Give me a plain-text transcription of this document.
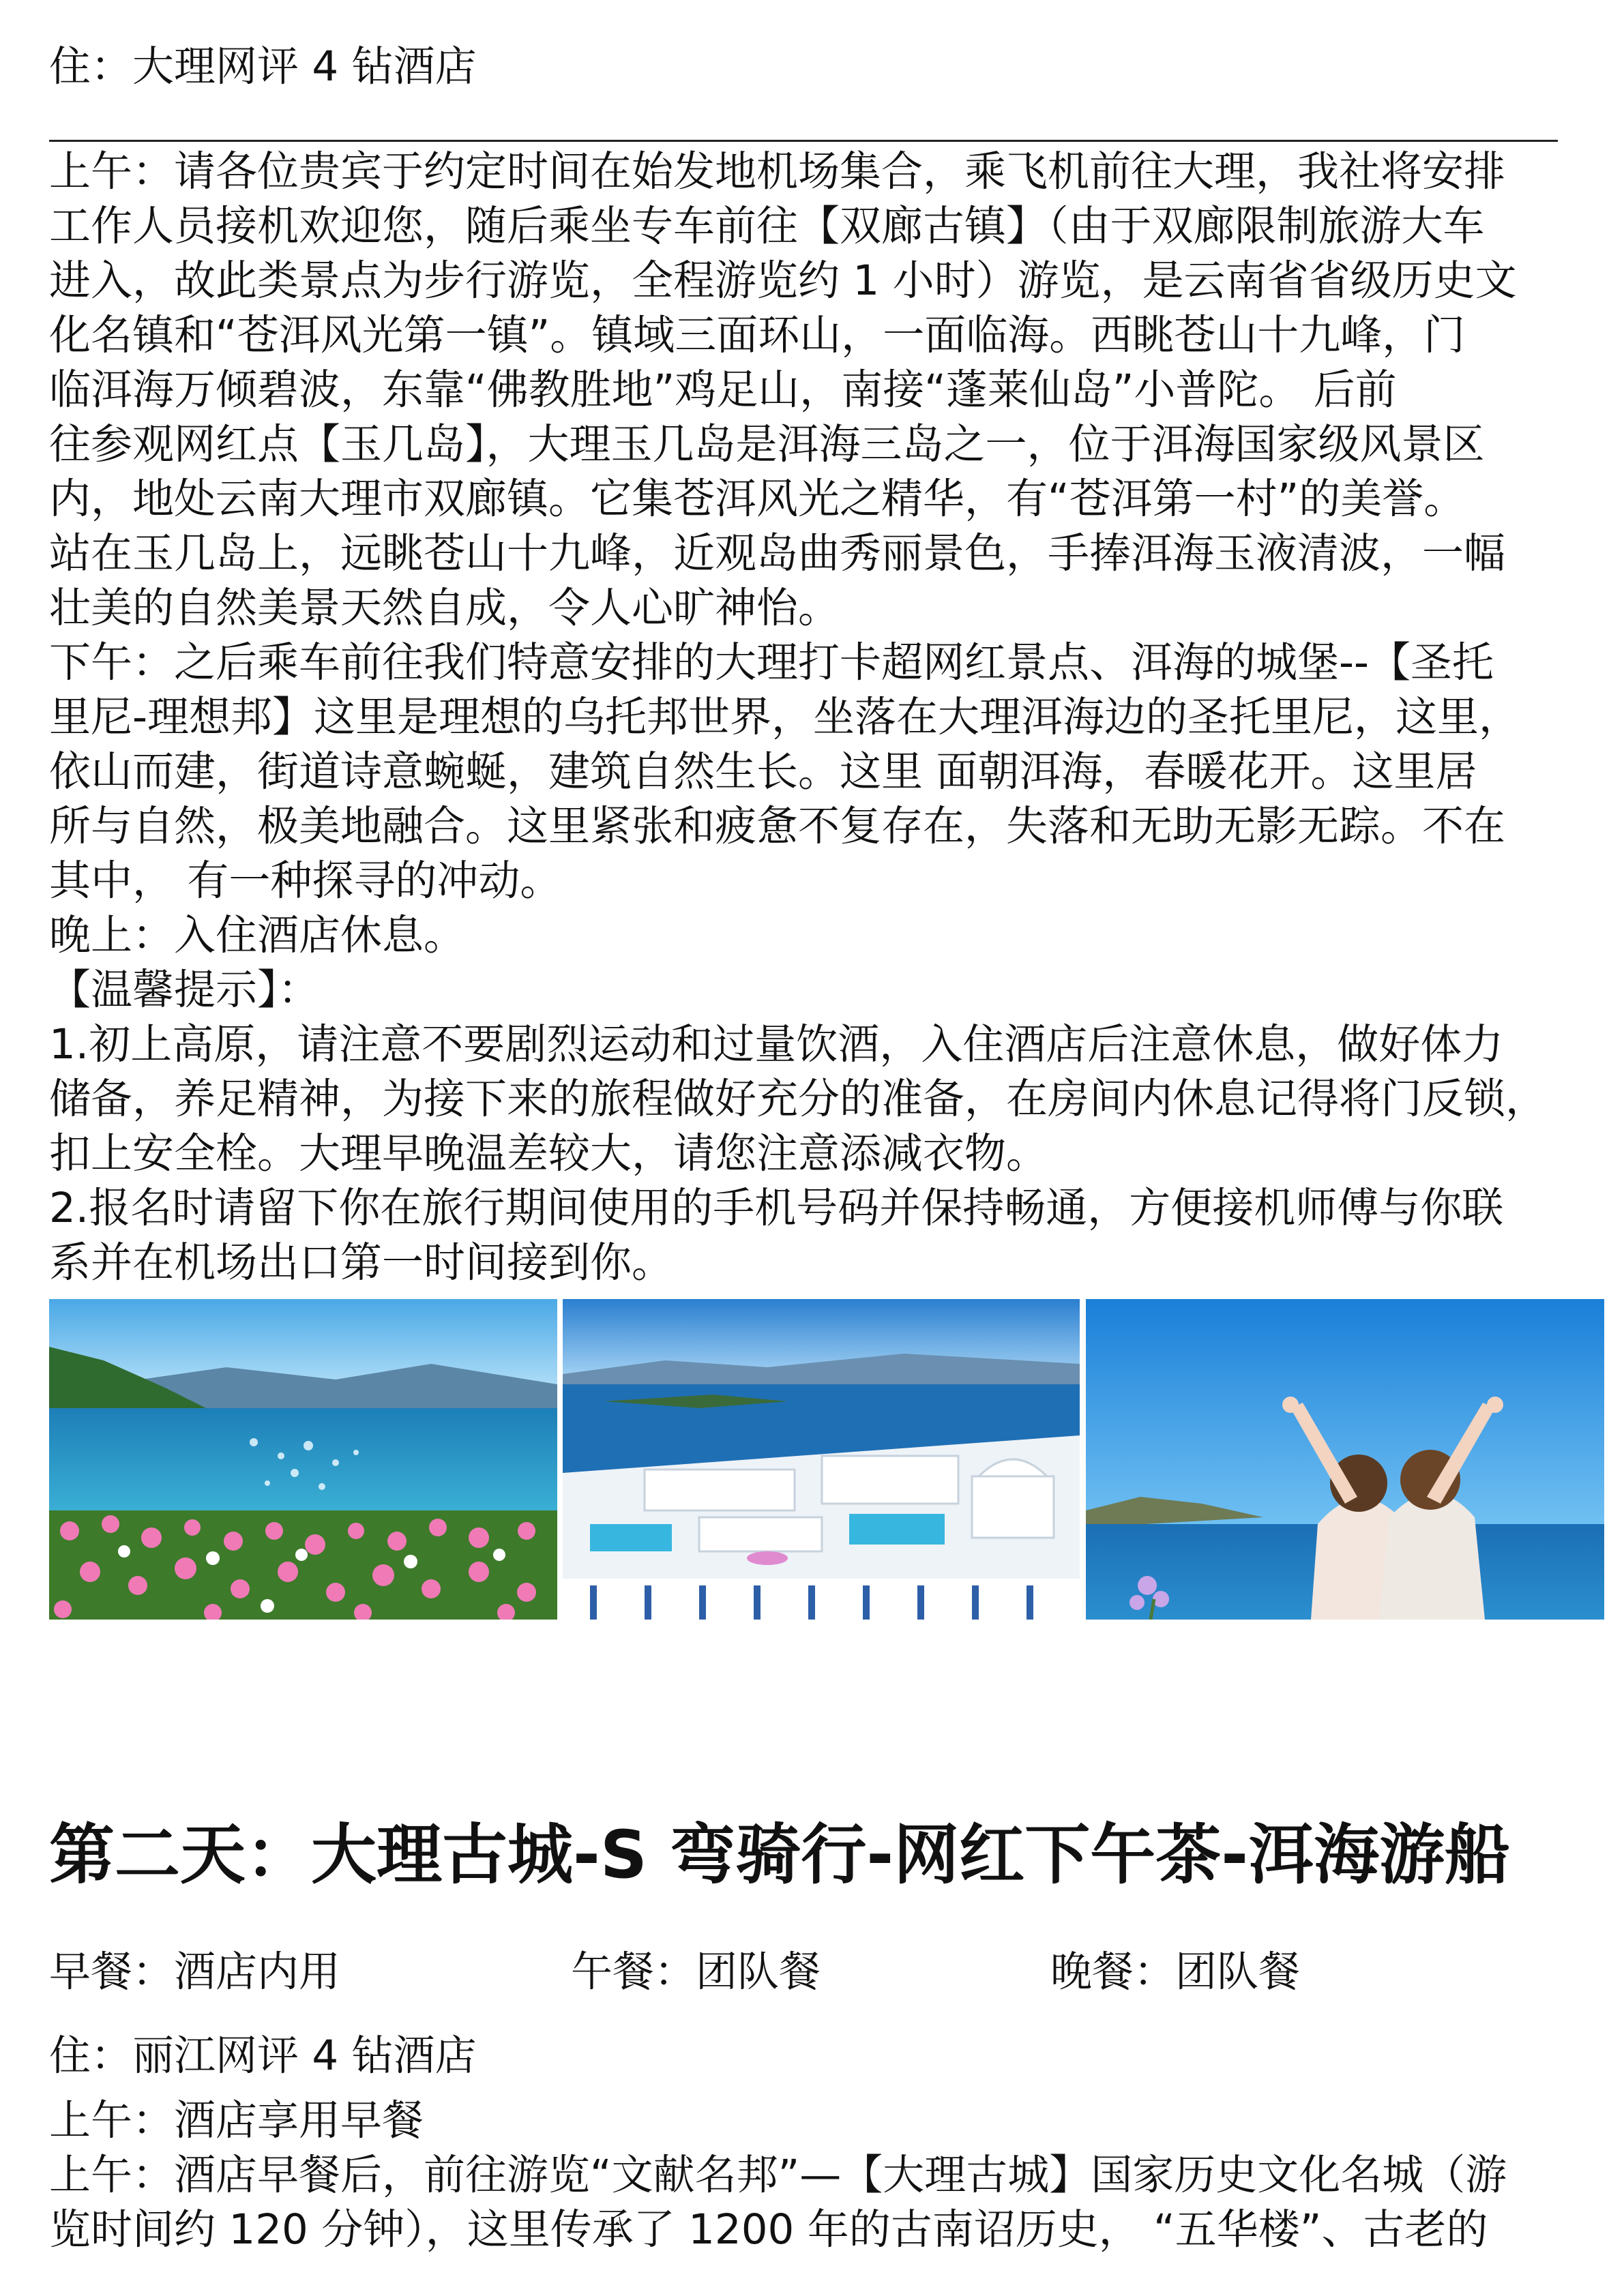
住：大理网评 4 钻酒店
上午：请各位贵宾于约定时间在始发地机场集合，乘飞机前往大理，我社将安排
工作人员接机欢迎您，随后乘坐专车前往【双廊古镇】（由于双廊限制旅游大车
进入，故此类景点为步行游览，全程游览约 1 小时）游览，是云南省省级历史文
化名镇和“苍洱风光第一镇”。镇域三面环山，一面临海。西眺苍山十九峰，门
临洱海万倾碧波，东靠“佛教胜地”鸡足山，南接“蓬莱仙岛”小普陀。 后前
往参观网红点【玉几岛】，大理玉几岛是洱海三岛之一，位于洱海国家级风景区
内，地处云南大理市双廊镇。它集苍洱风光之精华，有“苍洱第一村”的美誉。
站在玉几岛上，远眺苍山十九峰，近观岛曲秀丽景色，手捧洱海玉液清波，一幅
壮美的自然美景天然自成，令人心旷神怡。
下午：之后乘车前往我们特意安排的大理打卡超网红景点、洱海的城堡--【圣托
里尼-理想邦】这里是理想的乌托邦世界，坐落在大理洱海边的圣托里尼，这里，
依山而建，街道诗意蜿蜒，建筑自然生长。这里 面朝洱海，春暖花开。这里居
所与自然，极美地融合。这里紧张和疲惫不复存在，失落和无助无影无踪。不在
其中， 有一种探寻的冲动。
晚上：入住酒店休息。
【温馨提示】：
1.初上高原，请注意不要剧烈运动和过量饮酒，入住酒店后注意休息，做好体力
储备，养足精神，为接下来的旅程做好充分的准备，在房间内休息记得将门反锁，
扣上安全栓。大理早晚温差较大，请您注意添减衣物。
2.报名时请留下你在旅行期间使用的手机号码并保持畅通，方便接机师傅与你联
系并在机场出口第一时间接到你。
第二天：大理古城-S 弯骑行-网红下午茶-洱海游船
早餐：酒店内用	午餐：团队餐	晚餐：团队餐
住：丽江网评 4 钻酒店
上午：酒店享用早餐
上午：酒店早餐后，前往游览“文献名邦”—【大理古城】国家历史文化名城（游
览时间约 120 分钟），这里传承了 1200 年的古南诏历史， “五华楼”、古老的
